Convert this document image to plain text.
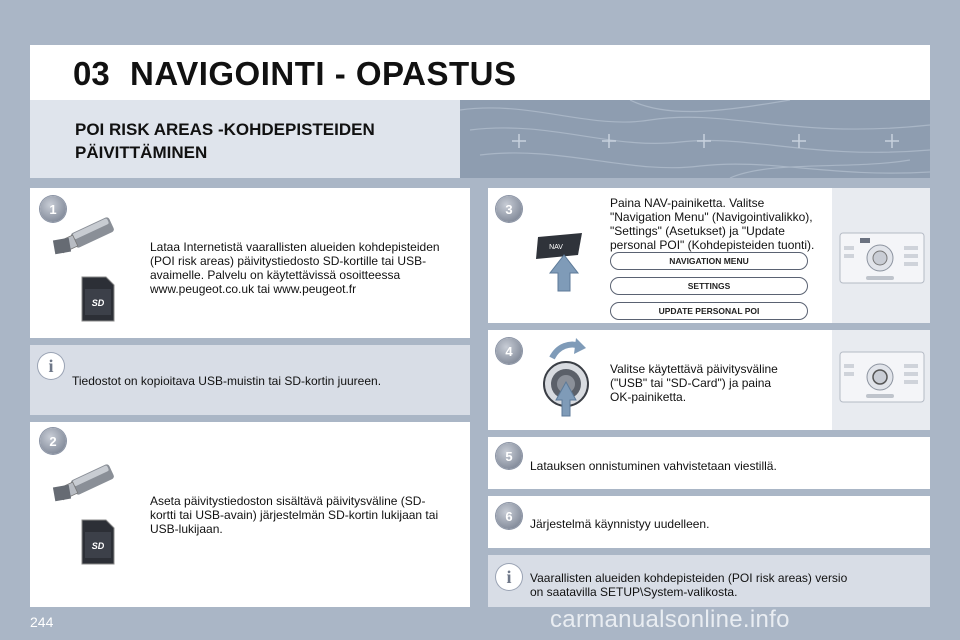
03 NAVIGOINTI - OPASTUS
POI RISK AREAS -KOHDEPISTEIDEN
PÄIVITTÄMINEN
1
SD
Lataa Internetistä vaarallisten alueiden kohdepisteiden (POI risk areas) päivitystiedosto SD-kortille tai USB-avaimelle. Palvelu on käytettävissä osoitteessa www.peugeot.co.uk tai www.peugeot.fr
i
Tiedostot on kopioitava USB-muistin tai SD-kortin juureen.
2
SD
Aseta päivitystiedoston sisältävä päivitysväline (SD-kortti tai USB-avain) järjestelmän SD-kortin lukijaan tai USB-lukijaan.
3
NAV
Paina NAV-painiketta. Valitse "Navigation Menu" (Navigointivalikko), "Settings" (Asetukset) ja "Update personal POI" (Kohdepisteiden tuonti).
NAVIGATION MENU
SETTINGS
UPDATE PERSONAL POI
4
Valitse käytettävä päivitysväline ("USB" tai "SD-Card") ja paina OK-painiketta.
5
Latauksen onnistuminen vahvistetaan viestillä.
6
Järjestelmä käynnistyy uudelleen.
i	Vaarallisten alueiden kohdepisteiden (POI risk areas) versio on saatavilla SETUP\System-valikosta.
244	carmanualsonline.info
